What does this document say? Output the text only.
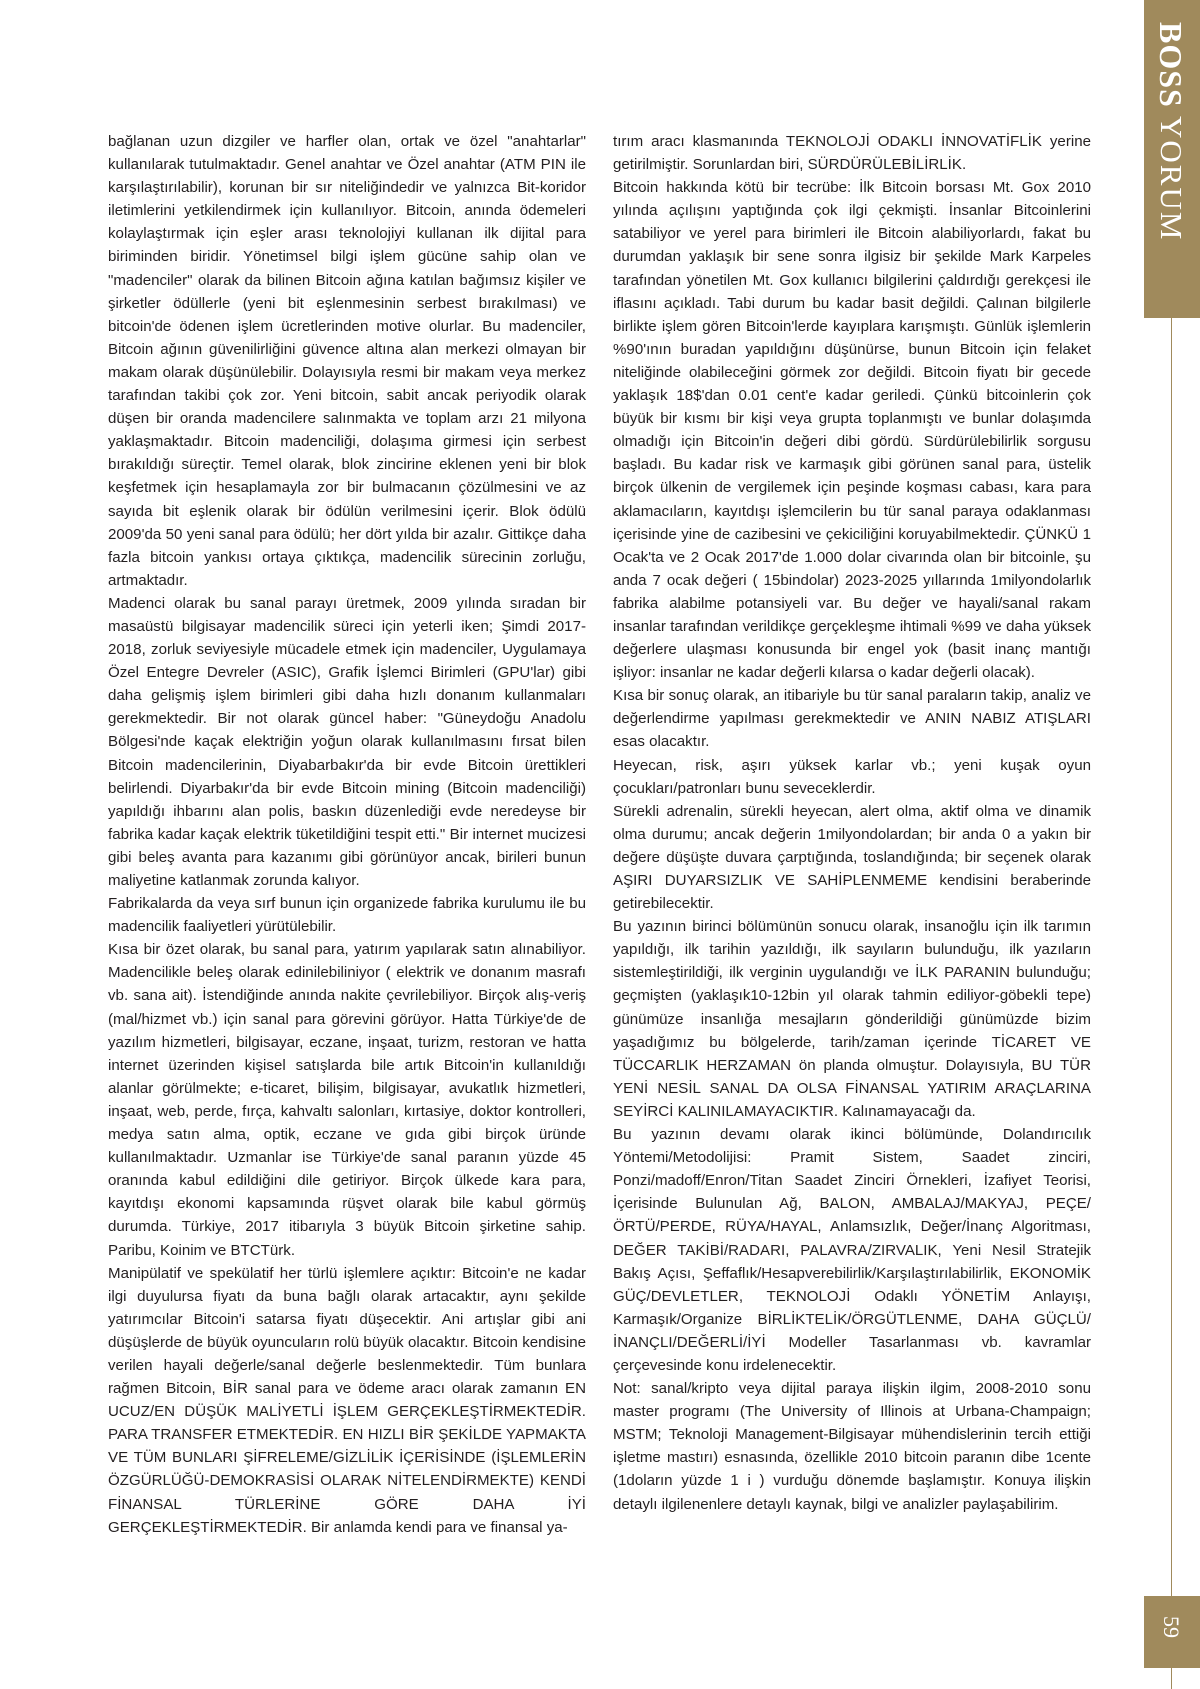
bağlanan uzun dizgiler ve harfler olan, ortak ve özel "anahtarlar" kullanılarak tutulmaktadır. Genel anahtar ve Özel anahtar (ATM PIN ile karşılaştırılabilir), korunan bir sır niteliğindedir ve yalnızca Bit-koridor iletimlerini yetkilendirmek için kullanılıyor. Bitcoin, anında ödemeleri kolaylaştırmak için eşler arası teknolojiyi kullanan ilk dijital para biriminden biridir. Yönetimsel bilgi işlem gücüne sahip olan ve "madenciler" olarak da bilinen Bitcoin ağına katılan bağımsız kişiler ve şirketler ödüllerle (yeni bit eşlenmesinin serbest bırakılması) ve bitcoin'de ödenen işlem ücretlerinden motive olurlar. Bu madenciler, Bitcoin ağının güvenilirliğini güvence altına alan merkezi olmayan bir makam olarak düşünülebilir. Dolayısıyla resmi bir makam veya merkez tarafından takibi çok zor. Yeni bitcoin, sabit ancak periyodik olarak düşen bir oranda madencilere salınmakta ve toplam arzı 21 milyona yaklaşmaktadır. Bitcoin madenciliği, dolaşıma girmesi için serbest bırakıldığı süreçtir. Temel olarak, blok zincirine eklenen yeni bir blok keşfetmek için hesaplamayla zor bir bulmacanın çözülmesini ve az sayıda bit eşlenik olarak bir ödülün verilmesini içerir. Blok ödülü 2009'da 50 yeni sanal para ödülü; her dört yılda bir azalır. Gittikçe daha fazla bitcoin yankısı ortaya çıktıkça, madencilik sürecinin zorluğu, artmaktadır.

Madenci olarak bu sanal parayı üretmek, 2009 yılında sıradan bir masaüstü bilgisayar madencilik süreci için yeterli iken; Şimdi 2017-2018, zorluk seviyesiyle mücadele etmek için madenciler, Uygulamaya Özel Entegre Devreler (ASIC), Grafik İşlemci Birimleri (GPU'lar) gibi daha gelişmiş işlem birimleri gibi daha hızlı donanım kullanmaları gerekmektedir. Bir not olarak güncel haber: "Güneydoğu Anadolu Bölgesi'nde kaçak elektriğin yoğun olarak kullanılmasını fırsat bilen Bitcoin madencilerinin, Diyabarbakır'da bir evde Bitcoin ürettikleri belirlendi. Diyarbakır'da bir evde Bitcoin mining (Bitcoin madenciliği) yapıldığı ihbarını alan polis, baskın düzenlediği evde neredeyse bir fabrika kadar kaçak elektrik tüketildiğini tespit etti." Bir internet mucizesi gibi beleş avanta para kazanımı gibi görünüyor ancak, birileri bunun maliyetine katlanmak zorunda kalıyor.

Fabrikalarda da veya sırf bunun için organizede fabrika kurulumu ile bu madencilik faaliyetleri yürütülebilir.

Kısa bir özet olarak, bu sanal para, yatırım yapılarak satın alınabiliyor. Madencilikle beleş olarak edinilebiliniyor ( elektrik ve donanım masrafı vb. sana ait). İstendiğinde anında nakite çevrilebiliyor. Birçok alış-veriş (mal/hizmet vb.) için sanal para görevini görüyor. Hatta Türkiye'de de yazılım hizmetleri, bilgisayar, eczane, inşaat, turizm, restoran ve hatta internet üzerinden kişisel satışlarda bile artık Bitcoin'in kullanıldığı alanlar görülmekte; e-ticaret, bilişim, bilgisayar, avukatlık hizmetleri, inşaat, web, perde, fırça, kahvaltı salonları, kırtasiye, doktor kontrolleri, medya satın alma, optik, eczane ve gıda gibi birçok üründe kullanılmaktadır. Uzmanlar ise Türkiye'de sanal paranın yüzde 45 oranında kabul edildiğini dile getiriyor. Birçok ülkede kara para, kayıtdışı ekonomi kapsamında rüşvet olarak bile kabul görmüş durumda. Türkiye, 2017 itibarıyla 3 büyük Bitcoin şirketine sahip. Paribu, Koinim ve BTCTürk.

Manipülatif ve spekülatif her türlü işlemlere açıktır: Bitcoin'e ne kadar ilgi duyulursa fiyatı da buna bağlı olarak artacaktır, aynı şekilde yatırımcılar Bitcoin'i satarsa fiyatı düşecektir. Ani artışlar gibi ani düşüşlerde de büyük oyuncuların rolü büyük olacaktır. Bitcoin kendisine verilen hayali değerle/sanal değerle beslenmektedir. Tüm bunlara rağmen Bitcoin, BİR sanal para ve ödeme aracı olarak zamanın EN UCUZ/EN DÜŞÜK MALİYETLİ İŞLEM GERÇEKLEŞTİRMEKTEDİR. PARA TRANSFER ETMEKTEDİR. EN HIZLI BİR ŞEKİLDE YAPMAKTA VE TÜM BUNLARI ŞİFRELEME/GİZLİLİK İÇERİSİNDE (İŞLEMLERİN ÖZGÜRLÜĞÜ-DEMOKRASİSİ OLARAK NİTELENDİRMEKTE) KENDİ FİNANSAL TÜRLERİNE GÖRE DAHA İYİ GERÇEKLEŞTİRMEKTEDİR. Bir anlamda kendi para ve finansal ya-

tırım aracı klasmanında TEKNOLOJİ ODAKLI İNNOVATİFLİK yerine getirilmiştir. Sorunlardan biri, SÜRDÜRÜLEBİLİRLİK.

Bitcoin hakkında kötü bir tecrübe: İlk Bitcoin borsası Mt. Gox 2010 yılında açılışını yaptığında çok ilgi çekmişti. İnsanlar Bitcoinlerini satabiliyor ve yerel para birimleri ile Bitcoin alabiliyorlardı, fakat bu durumdan yaklaşık bir sene sonra ilgisiz bir şekilde Mark Karpeles tarafından yönetilen Mt. Gox kullanıcı bilgilerini çaldırdığı gerekçesi ile iflasını açıkladı. Tabi durum bu kadar basit değildi. Çalınan bilgilerle birlikte işlem gören Bitcoin'lerde kayıplara karışmıştı. Günlük işlemlerin %90'ının buradan yapıldığını düşünürse, bunun Bitcoin için felaket niteliğinde olabileceğini görmek zor değildi. Bitcoin fiyatı bir gecede yaklaşık 18$'dan 0.01 cent'e kadar geriledi. Çünkü bitcoinlerin çok büyük bir kısmı bir kişi veya grupta toplanmıştı ve bunlar dolaşımda olmadığı için Bitcoin'in değeri dibi gördü. Sürdürülebilirlik sorgusu başladı. Bu kadar risk ve karmaşık gibi görünen sanal para, üstelik birçok ülkenin de vergilemek için peşinde koşması cabası, kara para aklamacıların, kayıtdışı işlemcilerin bu tür sanal paraya odaklanması içerisinde yine de cazibesini ve çekiciliğini koruyabilmektedir. ÇÜNKÜ 1 Ocak'ta ve 2 Ocak 2017'de 1.000 dolar civarında olan bir bitcoinle, şu anda 7 ocak değeri ( 15bindolar) 2023-2025 yıllarında 1milyondolarlık fabrika alabilme potansiyeli var. Bu değer ve hayali/sanal rakam insanlar tarafından verildikçe gerçekleşme ihtimali %99 ve daha yüksek değerlere ulaşması konusunda bir engel yok (basit inanç mantığı işliyor: insanlar ne kadar değerli kılarsa o kadar değerli olacak).

Kısa bir sonuç olarak, an itibariyle bu tür sanal paraların takip, analiz ve değerlendirme yapılması gerekmektedir ve ANIN NABIZ ATIŞLARI esas olacaktır.

Heyecan, risk, aşırı yüksek karlar vb.; yeni kuşak oyun çocukları/patronları bunu seveceklerdir.

Sürekli adrenalin, sürekli heyecan, alert olma, aktif olma ve dinamik olma durumu; ancak değerin 1milyondolardan; bir anda 0 a yakın bir değere düşüşte duvara çarptığında, toslandığında; bir seçenek olarak AŞIRI DUYARSIZLIK VE SAHİPLENMEME kendisini beraberinde getirebilecektir.

Bu yazının birinci bölümünün sonucu olarak, insanoğlu için ilk tarımın yapıldığı, ilk tarihin yazıldığı, ilk sayıların bulunduğu, ilk yazıların sistemleştirildiği, ilk verginin uygulandığı ve İLK PARANIN bulunduğu; geçmişten (yaklaşık10-12bin yıl olarak tahmin ediliyor-göbekli tepe) günümüze insanlığa mesajların gönderildiği günümüzde bizim yaşadığımız bu bölgelerde, tarih/zaman içerinde TİCARET VE TÜCCARLIK HERZAMAN ön planda olmuştur. Dolayısıyla, BU TÜR YENİ NESİL SANAL DA OLSA FİNANSAL YATIRIM ARAÇLARINA SEYİRCİ KALINILAMAYACIKTIR. Kalınamayacağı da.

Bu yazının devamı olarak ikinci bölümünde, Dolandırıcılık Yöntemi/Metodolijisi: Pramit Sistem, Saadet zinciri, Ponzi/madoff/Enron/Titan Saadet Zinciri Örnekleri, İzafiyet Teorisi, İçerisinde Bulunulan Ağ, BALON, AMBALAJ/MAKYAJ, PEÇE/ÖRTÜ/PERDE, RÜYA/HAYAL, Anlamsızlık, Değer/İnanç Algoritması, DEĞER TAKİBİ/RADARI, PALAVRA/ZIRVALIK, Yeni Nesil Stratejik Bakış Açısı, Şeffaflık/Hesapverebilirlik/Karşılaştırılabilirlik, EKONOMİK GÜÇ/DEVLETLER, TEKNOLOJİ Odaklı YÖNETİM Anlayışı, Karmaşık/Organize BİRLİKTELİK/ÖRGÜTLENME, DAHA GÜÇLÜ/İNANÇLI/DEĞERLİ/İYİ Modeller Tasarlanması vb. kavramlar çerçevesinde konu irdelenecektir.

Not: sanal/kripto veya dijital paraya ilişkin ilgim, 2008-2010 sonu master programı (The University of Illinois at Urbana-Champaign; MSTM; Teknoloji Management-Bilgisayar mühendislerinin tercih ettiği işletme mastırı) esnasında, özellikle 2010 bitcoin paranın dibe 1cente (1doların yüzde 1 i ) vurduğu dönemde başlamıştır. Konuya ilişkin detaylı ilgilenenlere detaylı kaynak, bilgi ve analizler paylaşabilirim.

BOSSYORUM
59
